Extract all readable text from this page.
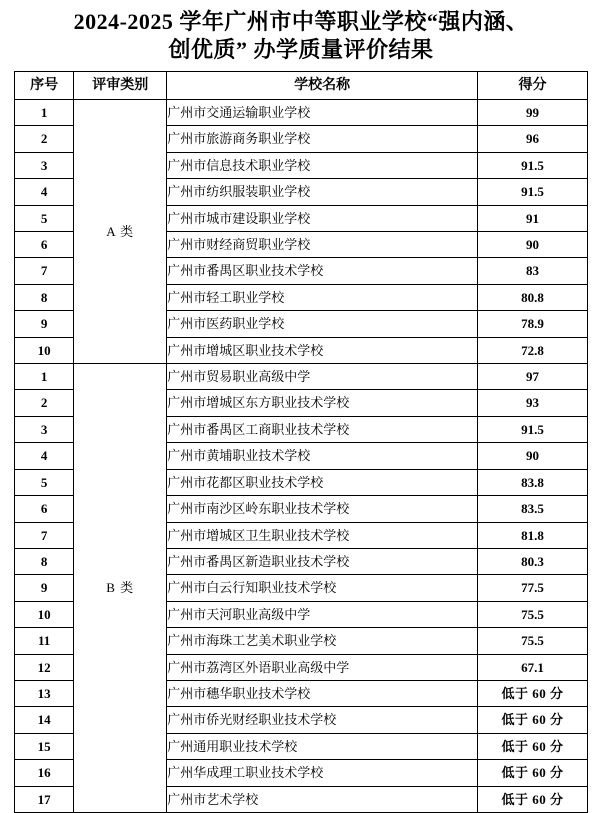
2024-2025 学年广州市中等职业学校“强内涵、
创优质” 办学质量评价结果
序号	评审类别	学校名称	得分
1	A 类	广州市交通运输职业学校	99
2		广州市旅游商务职业学校	96
3		广州市信息技术职业学校	91.5
4		广州市纺织服装职业学校	91.5
5		广州市城市建设职业学校	91
6		广州市财经商贸职业学校	90
7		广州市番禺区职业技术学校	83
8		广州市轻工职业学校	80.8
9		广州市医药职业学校	78.9
10		广州市增城区职业技术学校	72.8
1	B 类	广州市贸易职业高级中学	97
2		广州市增城区东方职业技术学校	93
3		广州市番禺区工商职业技术学校	91.5
4		广州市黄埔职业技术学校	90
5		广州市花都区职业技术学校	83.8
6		广州市南沙区岭东职业技术学校	83.5
7		广州市增城区卫生职业技术学校	81.8
8		广州市番禺区新造职业技术学校	80.3
9		广州市白云行知职业技术学校	77.5
10		广州市天河职业高级中学	75.5
11		广州市海珠工艺美术职业学校	75.5
12		广州市荔湾区外语职业高级中学	67.1
13		广州市穗华职业技术学校	低于 60 分
14		广州市侨光财经职业技术学校	低于 60 分
15		广州通用职业技术学校	低于 60 分
16		广州华成理工职业技术学校	低于 60 分
17		广州市艺术学校	低于 60 分
